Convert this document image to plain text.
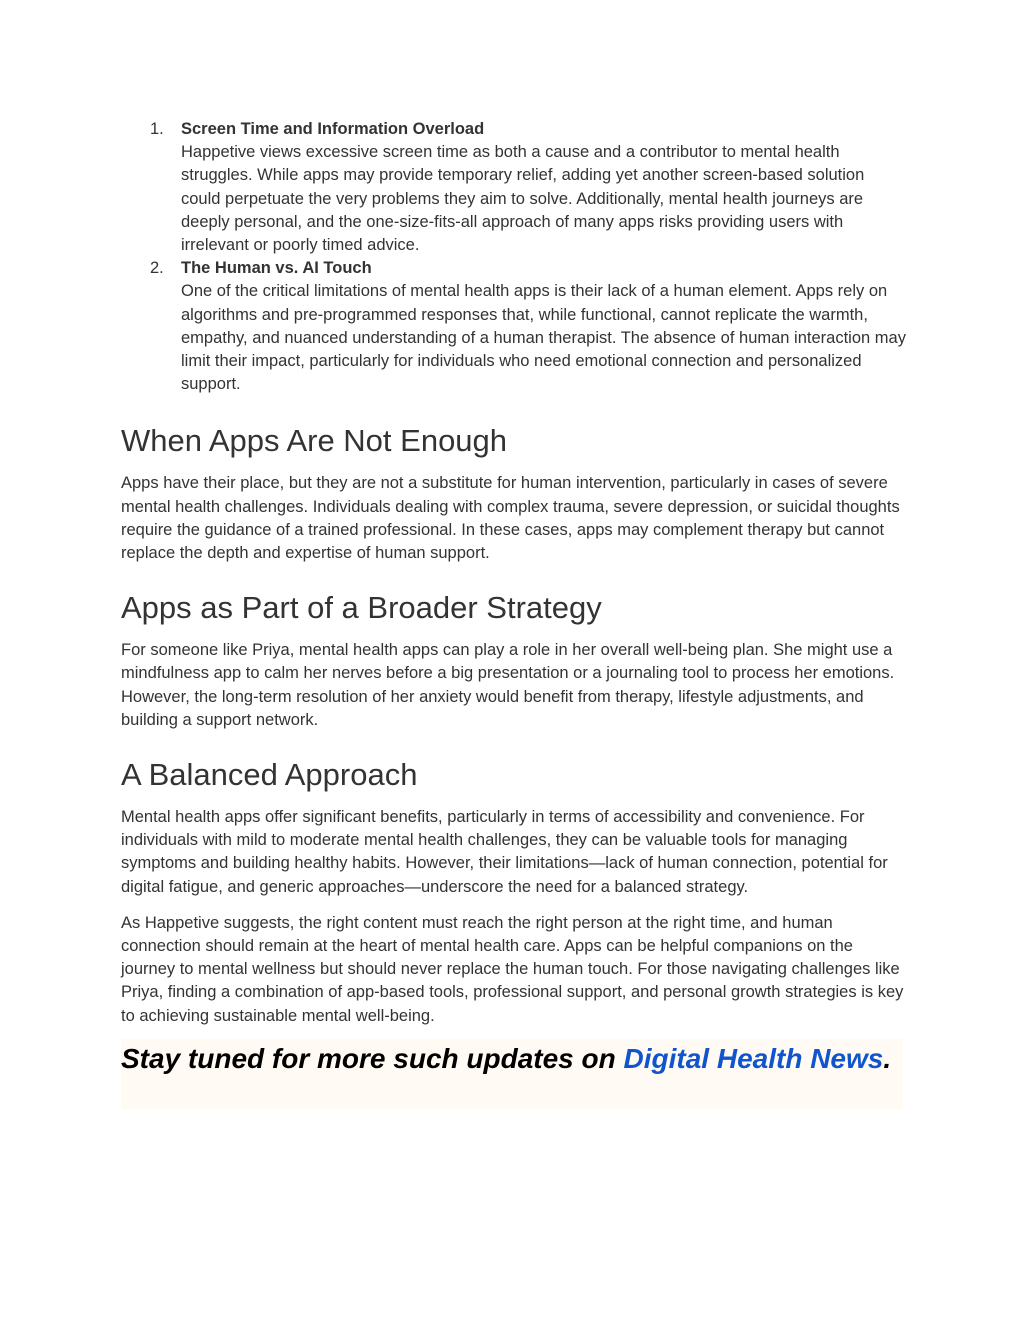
1. Screen Time and Information Overload
Happetive views excessive screen time as both a cause and a contributor to mental health struggles. While apps may provide temporary relief, adding yet another screen-based solution could perpetuate the very problems they aim to solve. Additionally, mental health journeys are deeply personal, and the one-size-fits-all approach of many apps risks providing users with irrelevant or poorly timed advice.
2. The Human vs. AI Touch
One of the critical limitations of mental health apps is their lack of a human element. Apps rely on algorithms and pre-programmed responses that, while functional, cannot replicate the warmth, empathy, and nuanced understanding of a human therapist. The absence of human interaction may limit their impact, particularly for individuals who need emotional connection and personalized support.
When Apps Are Not Enough

Apps have their place, but they are not a substitute for human intervention, particularly in cases of severe mental health challenges. Individuals dealing with complex trauma, severe depression, or suicidal thoughts require the guidance of a trained professional. In these cases, apps may complement therapy but cannot replace the depth and expertise of human support.

Apps as Part of a Broader Strategy

For someone like Priya, mental health apps can play a role in her overall well-being plan. She might use a mindfulness app to calm her nerves before a big presentation or a journaling tool to process her emotions. However, the long-term resolution of her anxiety would benefit from therapy, lifestyle adjustments, and building a support network.

A Balanced Approach

Mental health apps offer significant benefits, particularly in terms of accessibility and convenience. For individuals with mild to moderate mental health challenges, they can be valuable tools for managing symptoms and building healthy habits. However, their limitations—lack of human connection, potential for digital fatigue, and generic approaches—underscore the need for a balanced strategy.

As Happetive suggests, the right content must reach the right person at the right time, and human connection should remain at the heart of mental health care. Apps can be helpful companions on the journey to mental wellness but should never replace the human touch. For those navigating challenges like Priya, finding a combination of app-based tools, professional support, and personal growth strategies is key to achieving sustainable mental well-being.

Stay tuned for more such updates on Digital Health News.
